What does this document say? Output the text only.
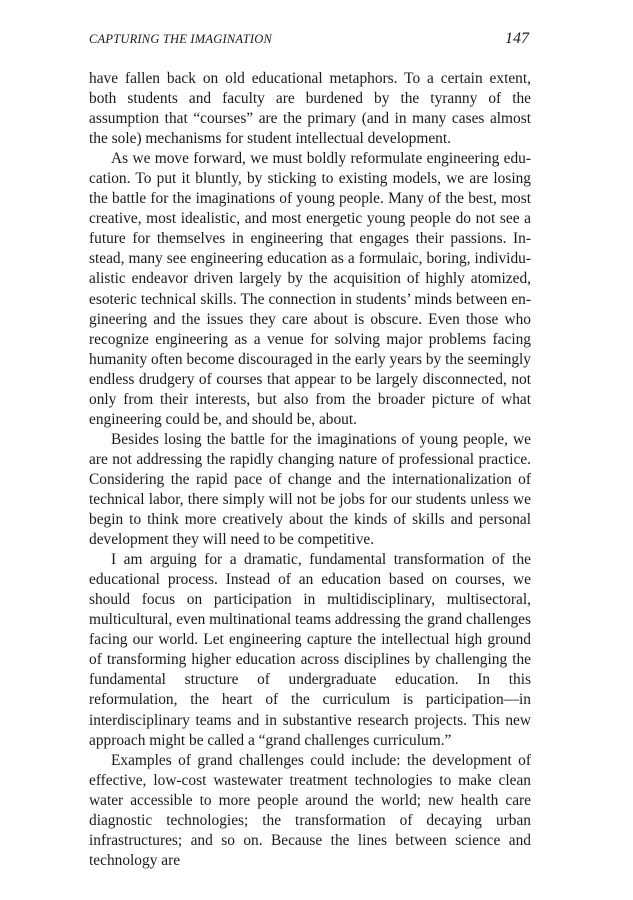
CAPTURING THE IMAGINATION	147

have fallen back on old educational metaphors. To a certain extent, both students and faculty are burdened by the tyranny of the assumption that “courses” are the primary (and in many cases almost the sole) mechanisms for student intellectual development.

As we move forward, we must boldly reformulate engineering education. To put it bluntly, by sticking to existing models, we are losing the battle for the imaginations of young people. Many of the best, most creative, most idealistic, and most energetic young people do not see a future for themselves in engineering that engages their passions. Instead, many see engineering education as a formulaic, boring, individualistic endeavor driven largely by the acquisition of highly atomized, esoteric technical skills. The connection in students’ minds between engineering and the issues they care about is obscure. Even those who recognize engineering as a venue for solving major problems facing humanity often become discouraged in the early years by the seemingly endless drudgery of courses that appear to be largely disconnected, not only from their interests, but also from the broader picture of what engineering could be, and should be, about.

Besides losing the battle for the imaginations of young people, we are not addressing the rapidly changing nature of professional practice. Considering the rapid pace of change and the internationalization of technical labor, there simply will not be jobs for our students unless we begin to think more creatively about the kinds of skills and personal development they will need to be competitive.

I am arguing for a dramatic, fundamental transformation of the educational process. Instead of an education based on courses, we should focus on participation in multidisciplinary, multisectoral, multicultural, even multinational teams addressing the grand challenges facing our world. Let engineering capture the intellectual high ground of transforming higher education across disciplines by challenging the fundamental structure of undergraduate education. In this reformulation, the heart of the curriculum is participation—in interdisciplinary teams and in substantive research projects. This new approach might be called a “grand challenges curriculum.”

Examples of grand challenges could include: the development of effective, low-cost wastewater treatment technologies to make clean water accessible to more people around the world; new health care diagnostic technologies; the transformation of decaying urban infrastructures; and so on. Because the lines between science and technology are
